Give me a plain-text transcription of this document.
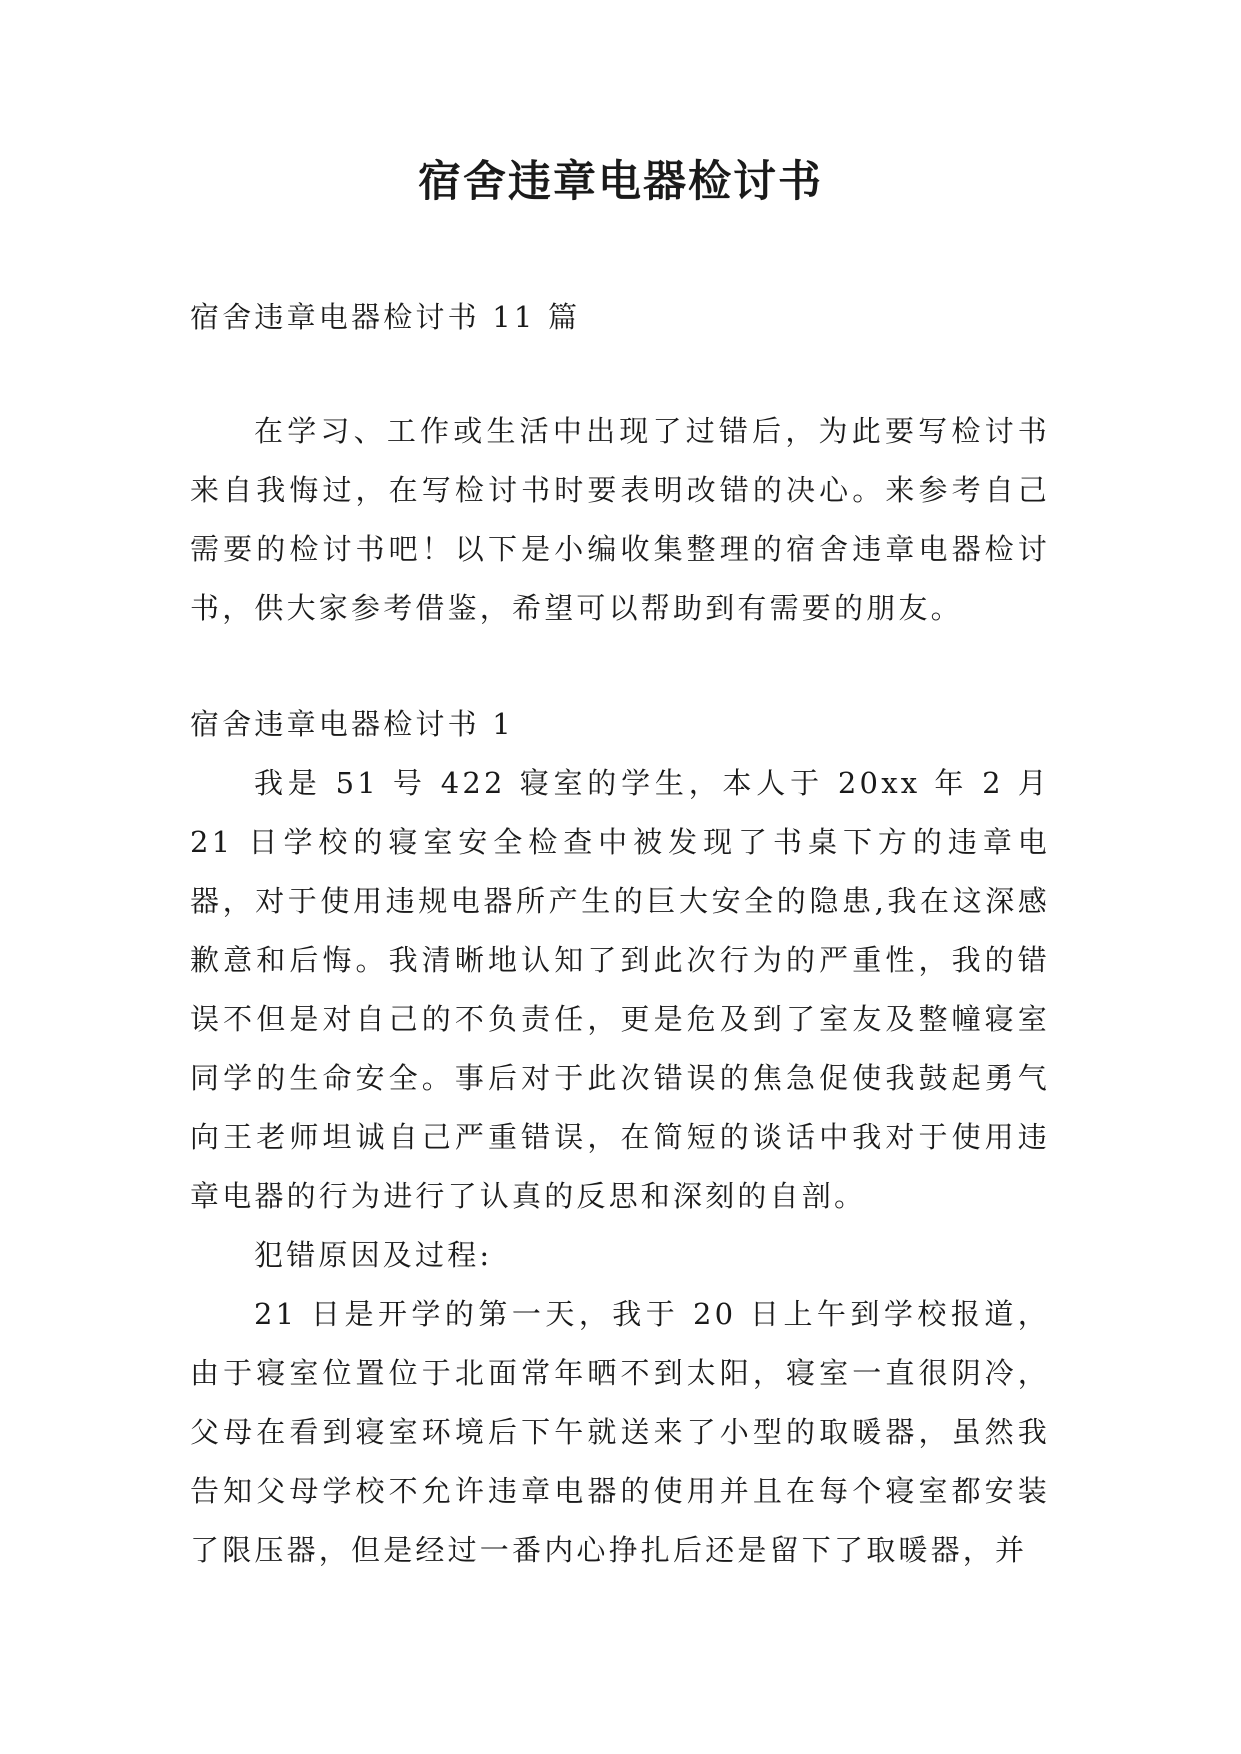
宿舍违章电器检讨书

宿舍违章电器检讨书 11 篇

在学习、工作或生活中出现了过错后，为此要写检讨书来自我悔过，在写检讨书时要表明改错的决心。来参考自己需要的检讨书吧！以下是小编收集整理的宿舍违章电器检讨书，供大家参考借鉴，希望可以帮助到有需要的朋友。

宿舍违章电器检讨书 1

我是 51 号 422 寝室的学生，本人于 20xx 年 2 月 21 日学校的寝室安全检查中被发现了书桌下方的违章电器，对于使用违规电器所产生的巨大安全的隐患,我在这深感歉意和后悔。我清晰地认知了到此次行为的严重性，我的错误不但是对自己的不负责任，更是危及到了室友及整幢寝室同学的生命安全。事后对于此次错误的焦急促使我鼓起勇气向王老师坦诚自己严重错误，在简短的谈话中我对于使用违章电器的行为进行了认真的反思和深刻的自剖。

犯错原因及过程:

21 日是开学的第一天，我于 20 日上午到学校报道，由于寝室位置位于北面常年晒不到太阳，寝室一直很阴冷，父母在看到寝室环境后下午就送来了小型的取暖器，虽然我告知父母学校不允许违章电器的使用并且在每个寝室都安装了限压器，但是经过一番内心挣扎后还是留下了取暖器，并
